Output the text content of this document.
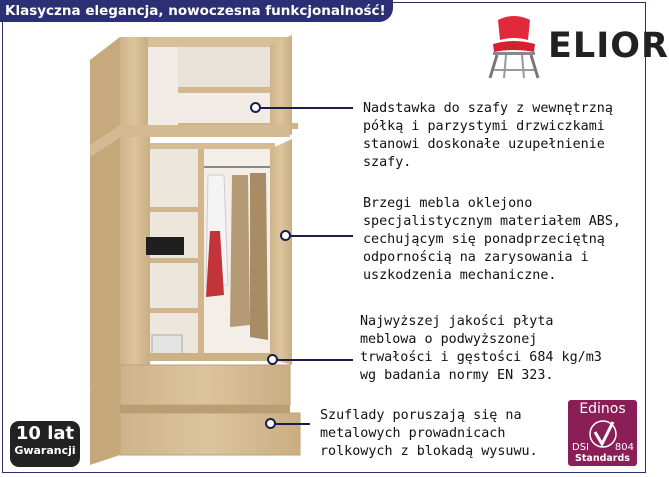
Klasyczna elegancja, nowoczesna funkcjonalność!
ELIOR
Nadstawka do szafy z wewnętrzną
półką i parzystymi drzwiczkami
stanowi doskonałe uzupełnienie
szafy.
Brzegi mebla oklejono
specjalistycznym materiałem ABS,
cechującym się ponadprzeciętną
odpornością na zarysowania i
uszkodzenia mechaniczne.
Najwyższej jakości płyta
meblowa o podwyższonej
trwałości i gęstości 684 kg/m3
wg badania normy EN 323.
Szuflady poruszają się na
metalowych prowadnicach
rolkowych z blokadą wysuwu.
10 lat
Gwarancji
Edinos
DSI	804
Standards
